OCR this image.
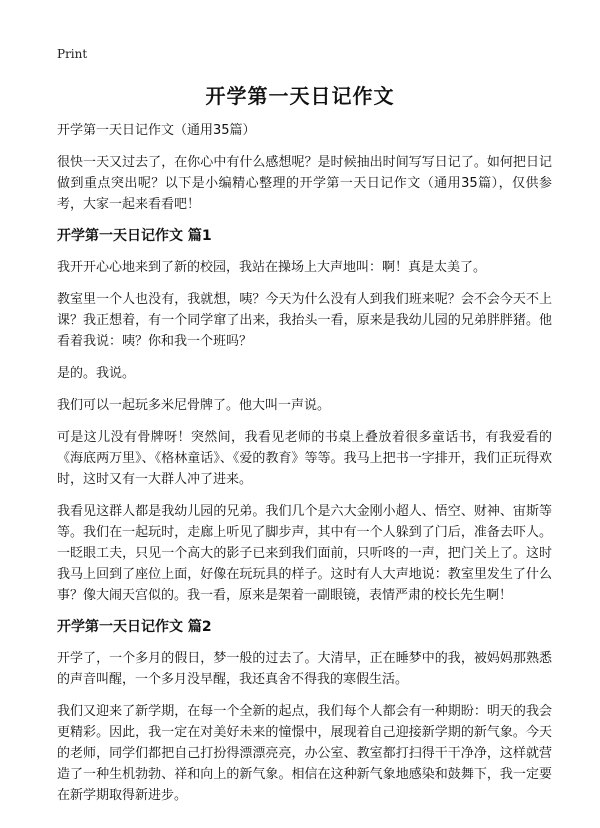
Print
开学第一天日记作文

开学第一天日记作文（通用35篇）

很快一天又过去了，在你心中有什么感想呢？是时候抽出时间写写日记了。如何把日记做到重点突出呢？以下是小编精心整理的开学第一天日记作文（通用35篇），仅供参考，大家一起来看看吧！

开学第一天日记作文 篇1

我开开心心地来到了新的校园，我站在操场上大声地叫：啊！真是太美了。

教室里一个人也没有，我就想，咦？今天为什么没有人到我们班来呢？会不会今天不上课？我正想着，有一个同学窜了出来，我抬头一看，原来是我幼儿园的兄弟胖胖猪。他看着我说：咦？你和我一个班吗？

是的。我说。

我们可以一起玩多米尼骨牌了。他大叫一声说。

可是这儿没有骨牌呀！突然间，我看见老师的书桌上叠放着很多童话书，有我爱看的《海底两万里》、《格林童话》、《爱的教育》等等。我马上把书一字排开，我们正玩得欢时，这时又有一大群人冲了进来。

我看见这群人都是我幼儿园的兄弟。我们几个是六大金刚小超人、悟空、财神、宙斯等等。我们在一起玩时，走廊上听见了脚步声，其中有一个人躲到了门后，准备去吓人。一眨眼工夫，只见一个高大的影子已来到我们面前，只听咚的一声，把门关上了。这时我马上回到了座位上面，好像在玩玩具的样子。这时有人大声地说：教室里发生了什么事？像大闹天宫似的。我一看，原来是架着一副眼镜，表情严肃的校长先生啊！

开学第一天日记作文 篇2

开学了，一个多月的假日，梦一般的过去了。大清早，正在睡梦中的我，被妈妈那熟悉的声音叫醒，一个多月没早醒，我还真舍不得我的寒假生活。

我们又迎来了新学期，在每一个全新的起点，我们每个人都会有一种期盼：明天的我会更精彩。因此，我一定在对美好未来的憧憬中，展现着自己迎接新学期的新气象。今天的老师，同学们都把自己打扮得漂漂亮亮，办公室、教室都打扫得干干净净，这样就营造了一种生机勃勃、祥和向上的新气象。相信在这种新气象地感染和鼓舞下，我一定要在新学期取得新进步。
